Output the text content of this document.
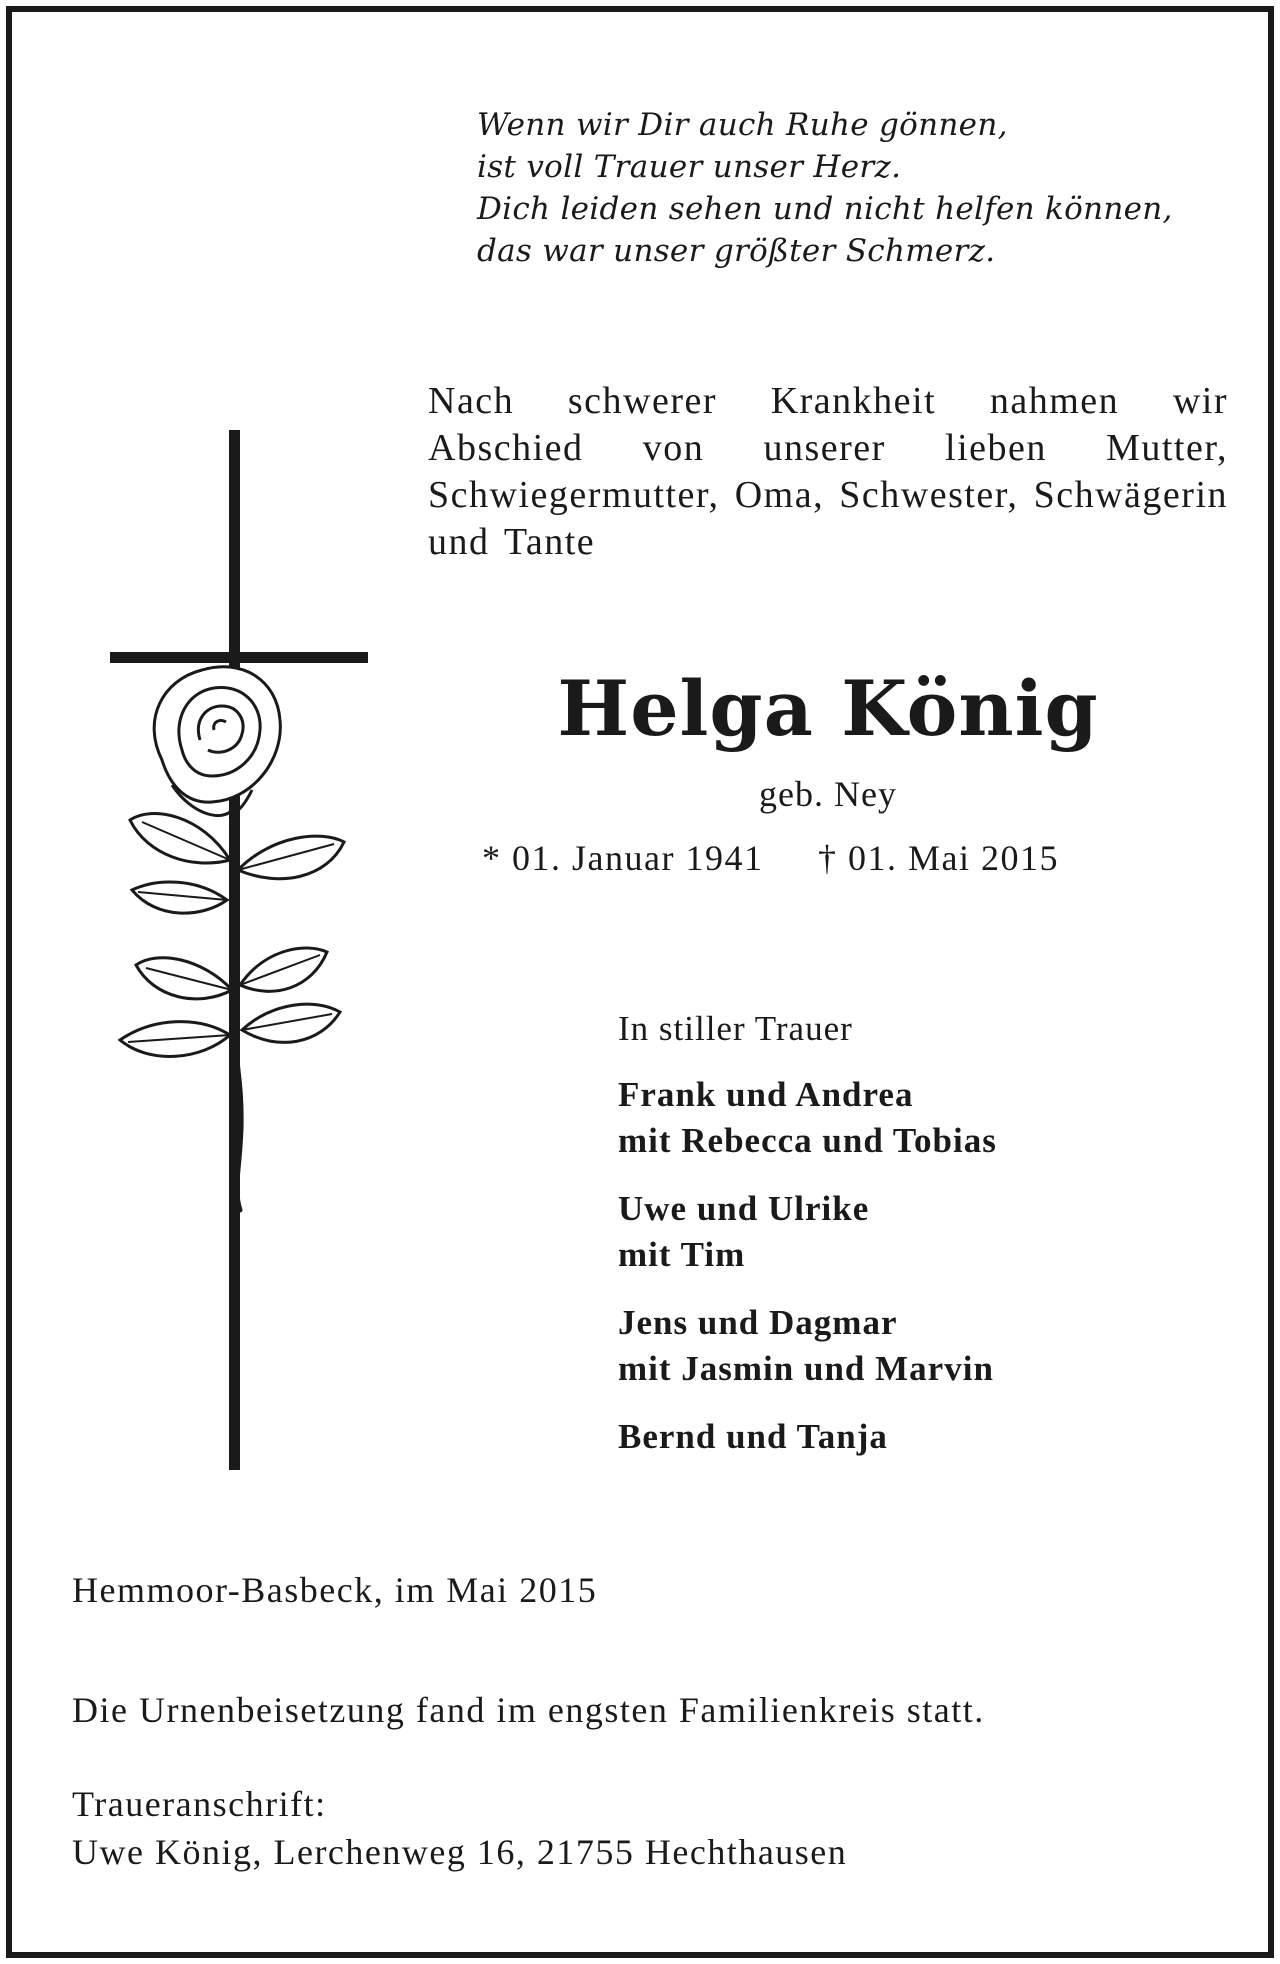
Wenn wir Dir auch Ruhe gönnen,
ist voll Trauer unser Herz.
Dich leiden sehen und nicht helfen können,
das war unser größter Schmerz.
Nach schwerer Krankheit nahmen wir Abschied von unserer lieben Mutter, Schwiegermutter, Oma, Schwester, Schwägerin und Tante
Helga König
geb. Ney
* 01. Januar 1941 † 01. Mai 2015
In stiller Trauer
Frank und Andrea
mit Rebecca und Tobias
Uwe und Ulrike
mit Tim
Jens und Dagmar
mit Jasmin und Marvin
Bernd und Tanja
Hemmoor-Basbeck, im Mai 2015
Die Urnenbeisetzung fand im engsten Familienkreis statt.
Traueranschrift:
Uwe König, Lerchenweg 16, 21755 Hechthausen
